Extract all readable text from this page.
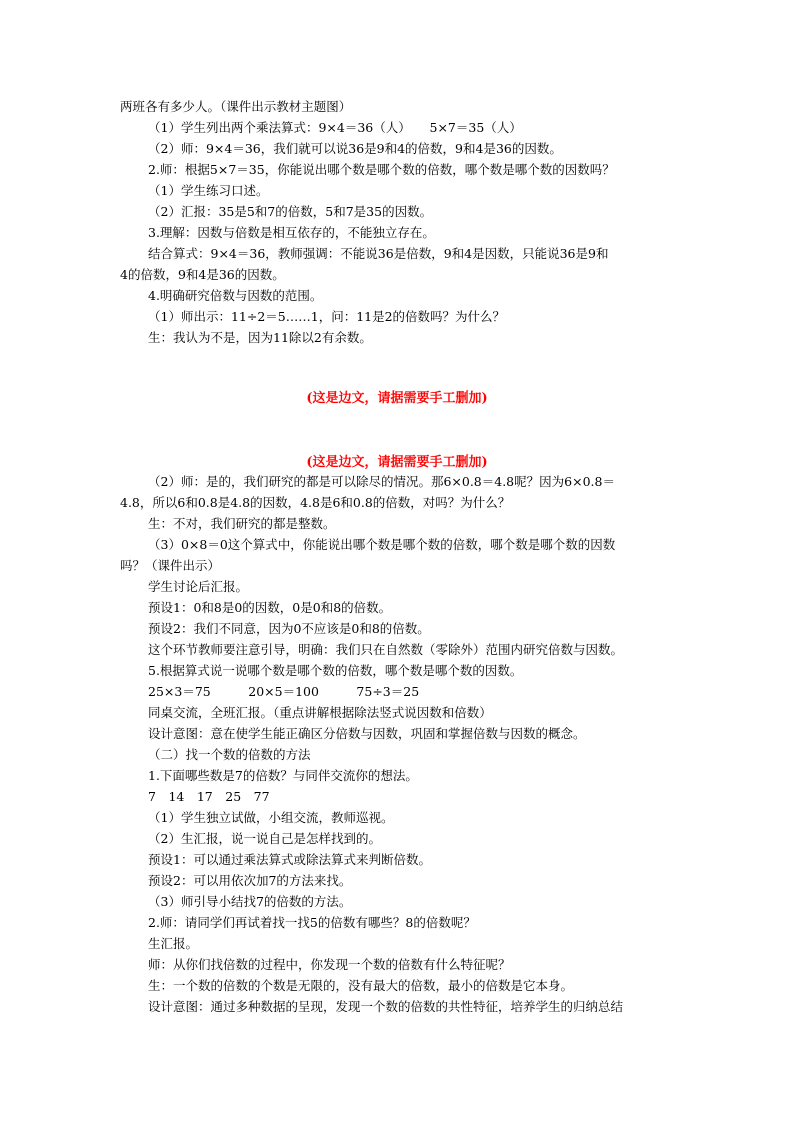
两班各有多少人。（课件出示教材主题图）
（1）学生列出两个乘法算式：9×4＝36（人）　　5×7＝35（人）
（2）师：9×4＝36，我们就可以说36是9和4的倍数，9和4是36的因数。
2.师：根据5×7＝35，你能说出哪个数是哪个数的倍数，哪个数是哪个数的因数吗？
（1）学生练习口述。
（2）汇报：35是5和7的倍数，5和7是35的因数。
3.理解：因数与倍数是相互依存的，不能独立存在。
结合算式：9×4＝36，教师强调：不能说36是倍数，9和4是因数，只能说36是9和
4的倍数，9和4是36的因数。
4.明确研究倍数与因数的范围。
（1）师出示：11÷2＝5……1，问：11是2的倍数吗？为什么？
生：我认为不是，因为11除以2有余数。
(这是边文，请据需要手工删加)
(这是边文，请据需要手工删加)
（2）师：是的，我们研究的都是可以除尽的情况。那6×0.8＝4.8呢？因为6×0.8＝
4.8，所以6和0.8是4.8的因数，4.8是6和0.8的倍数，对吗？为什么？
生：不对，我们研究的都是整数。
（3）0×8＝0这个算式中，你能说出哪个数是哪个数的倍数，哪个数是哪个数的因数
吗？（课件出示）
学生讨论后汇报。
预设1：0和8是0的因数，0是0和8的倍数。
预设2：我们不同意，因为0不应该是0和8的倍数。
这个环节教师要注意引导，明确：我们只在自然数（零除外）范围内研究倍数与因数。
5.根据算式说一说哪个数是哪个数的倍数，哪个数是哪个数的因数。
25×3＝75　　　20×5＝100　　　75÷3＝25
同桌交流，全班汇报。（重点讲解根据除法竖式说因数和倍数）
设计意图：意在使学生能正确区分倍数与因数，巩固和掌握倍数与因数的概念。
（二）找一个数的倍数的方法
1.下面哪些数是7的倍数？与同伴交流你的想法。
7　14　17　25　77
（1）学生独立试做，小组交流，教师巡视。
（2）生汇报，说一说自己是怎样找到的。
预设1：可以通过乘法算式或除法算式来判断倍数。
预设2：可以用依次加7的方法来找。
（3）师引导小结找7的倍数的方法。
2.师：请同学们再试着找一找5的倍数有哪些？8的倍数呢？
生汇报。
师：从你们找倍数的过程中，你发现一个数的倍数有什么特征呢？
生：一个数的倍数的个数是无限的，没有最大的倍数，最小的倍数是它本身。
设计意图：通过多种数据的呈现，发现一个数的倍数的共性特征，培养学生的归纳总结
